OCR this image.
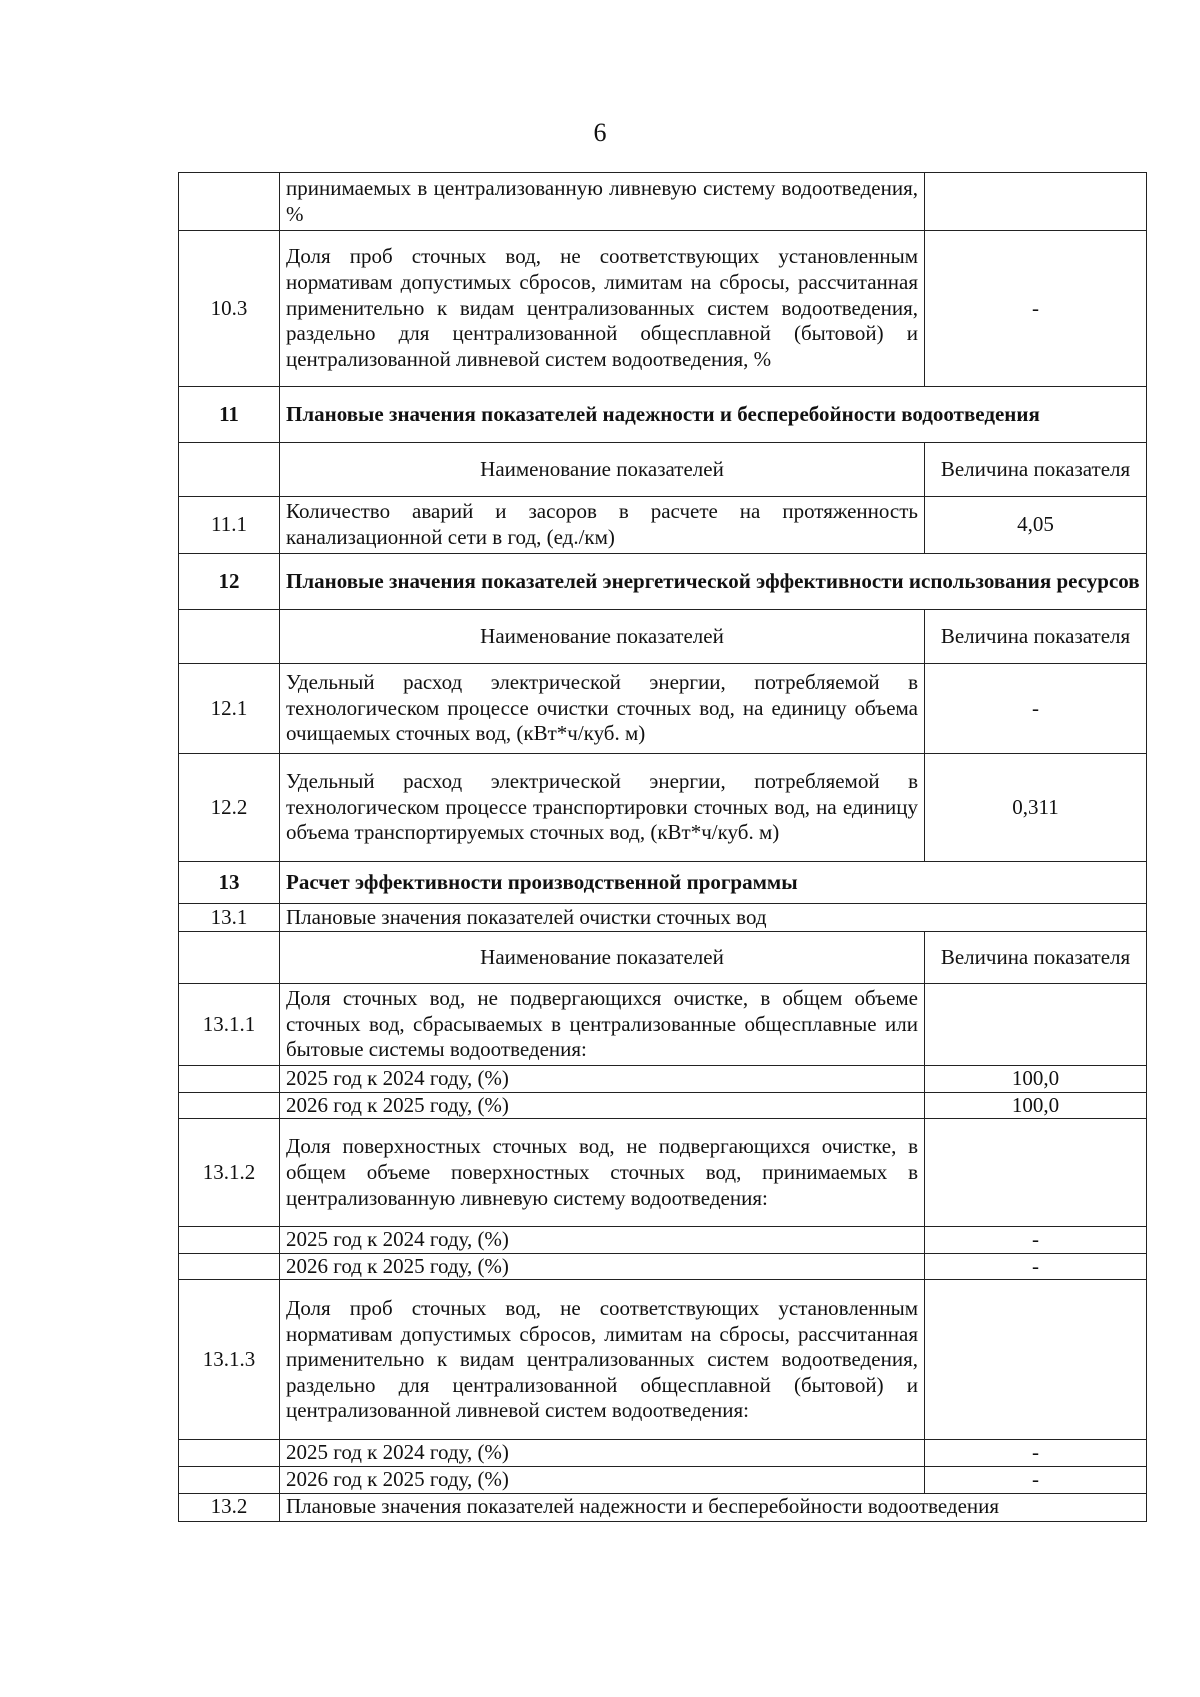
6
	принимаемых в централизованную ливневую систему водоотведения, %	
10.3	Доля проб сточных вод, не соответствующих установленным нормативам допустимых сбросов, лимитам на сбросы, рассчитанная применительно к видам централизованных систем водоотведения, раздельно для централизованной общесплавной (бытовой) и централизованной ливневой систем водоотведения, %	-
11	Плановые значения показателей надежности и бесперебойности водоотведения	
	Наименование показателей	Величина показателя
11.1	Количество аварий и засоров в расчете на протяженность канализационной сети в год, (ед./км)	4,05
12	Плановые значения показателей энергетической эффективности использования ресурсов	
	Наименование показателей	Величина показателя
12.1	Удельный расход электрической энергии, потребляемой в технологическом процессе очистки сточных вод, на единицу объема очищаемых сточных вод, (кВт*ч/куб. м)	-
12.2	Удельный расход электрической энергии, потребляемой в технологическом процессе транспортировки сточных вод, на единицу объема транспортируемых сточных вод, (кВт*ч/куб. м)	0,311
13	Расчет эффективности производственной программы	
13.1	Плановые значения показателей очистки сточных вод	
	Наименование показателей	Величина показателя
13.1.1	Доля сточных вод, не подвергающихся очистке, в общем объеме сточных вод, сбрасываемых в централизованные общесплавные или бытовые системы водоотведения:	
	2025 год к 2024 году, (%)	100,0
	2026 год к 2025 году, (%)	100,0
13.1.2	Доля поверхностных сточных вод, не подвергающихся очистке, в общем объеме поверхностных сточных вод, принимаемых в централизованную ливневую систему водоотведения:	
	2025 год к 2024 году, (%)	-
	2026 год к 2025 году, (%)	-
13.1.3	Доля проб сточных вод, не соответствующих установленным нормативам допустимых сбросов, лимитам на сбросы, рассчитанная применительно к видам централизованных систем водоотведения, раздельно для централизованной общесплавной (бытовой) и централизованной ливневой систем водоотведения:	
	2025 год к 2024 году, (%)	-
	2026 год к 2025 году, (%)	-
13.2	Плановые значения показателей надежности и бесперебойности водоотведения	
